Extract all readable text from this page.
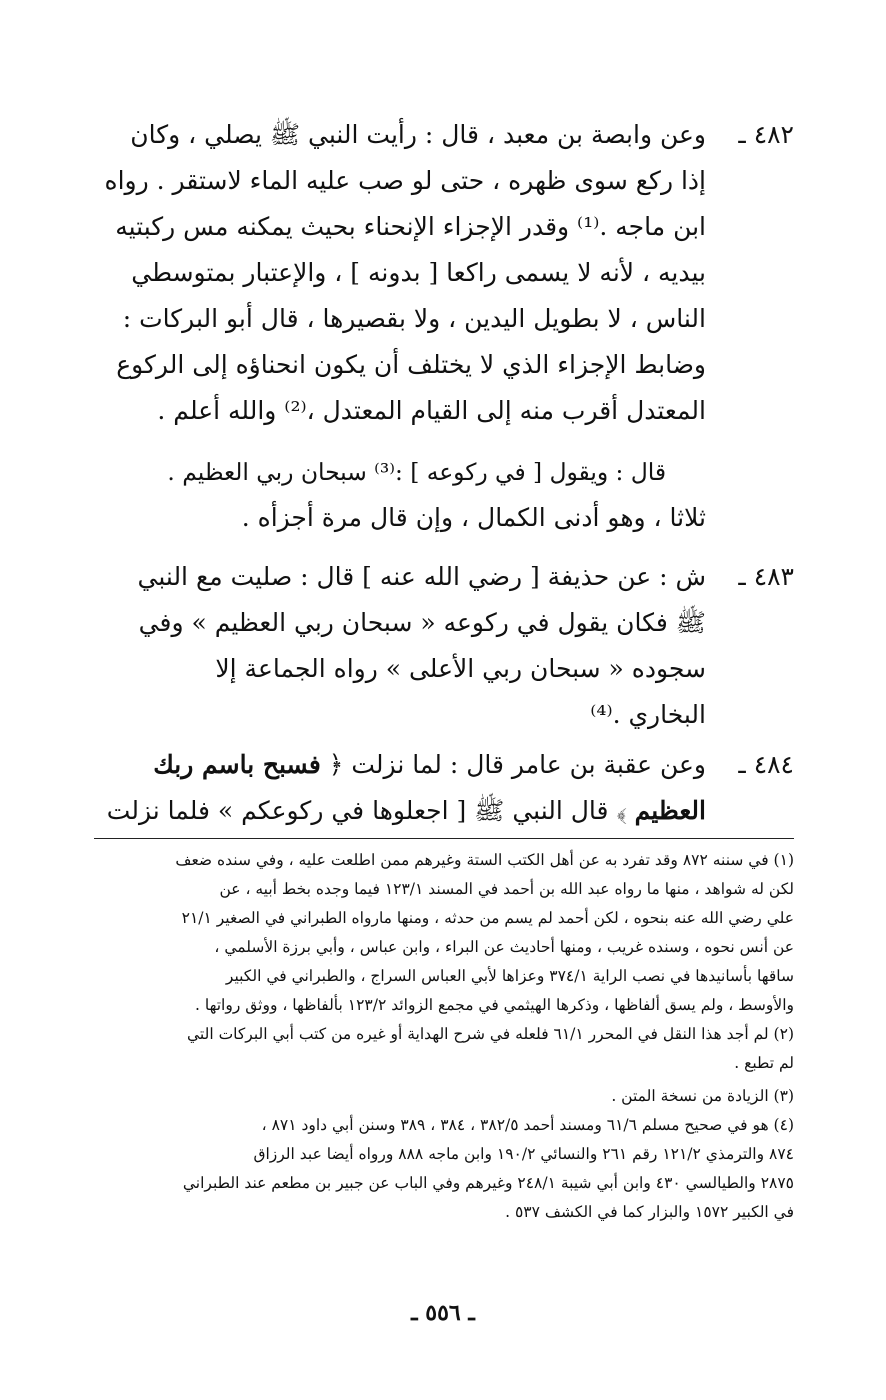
٤٨٢ ـ
وعن وابصة بن معبد ، قال : رأيت النبي ﷺ يصلي ، وكان
إذا ركع سوى ظهره ، حتى لو صب عليه الماء لاستقر . رواه
ابن ماجه .⁽¹⁾ وقدر الإجزاء الإنحناء بحيث يمكنه مس ركبتيه
بيديه ، لأنه لا يسمى راكعا [ بدونه ] ، والإعتبار بمتوسطي
الناس ، لا بطويل اليدين ، ولا بقصيرها ، قال أبو البركات :
وضابط الإجزاء الذي لا يختلف أن يكون انحناؤه إلى الركوع
المعتدل أقرب منه إلى القيام المعتدل ،⁽²⁾ والله أعلم .
قال : ويقول [ في ركوعه ] :⁽³⁾ سبحان ربي العظيم .
ثلاثا ، وهو أدنى الكمال ، وإن قال مرة أجزأه .
٤٨٣ ـ
ش : عن حذيفة [ رضي الله عنه ] قال : صليت مع النبي
ﷺ فكان يقول في ركوعه « سبحان ربي العظيم » وفي
سجوده « سبحان ربي الأعلى » رواه الجماعة إلا
البخاري .⁽⁴⁾
٤٨٤ ـ
وعن عقبة بن عامر قال : لما نزلت ﴿ فسبح باسم ربك
العظيم ﴾ قال النبي ﷺ [ اجعلوها في ركوعكم » فلما نزلت
(١) في سننه ٨٧٢ وقد تفرد به عن أهل الكتب الستة وغيرهم ممن اطلعت عليه ، وفي سنده ضعف
لكن له شواهد ، منها ما رواه عبد الله بن أحمد في المسند ١٢٣/١ فيما وجده بخط أبيه ، عن
علي رضي الله عنه بنحوه ، لكن أحمد لم يسم من حدثه ، ومنها مارواه الطبراني في الصغير ٢١/١
عن أنس نحوه ، وسنده غريب ، ومنها أحاديث عن البراء ، وابن عباس ، وأبي برزة الأسلمي ،
ساقها بأسانيدها في نصب الراية ٣٧٤/١ وعزاها لأبي العباس السراج ، والطبراني في الكبير
والأوسط ، ولم يسق ألفاظها ، وذكرها الهيثمي في مجمع الزوائد ١٢٣/٢ بألفاظها ، ووثق رواتها .
(٢) لم أجد هذا النقل في المحرر ٦١/١ فلعله في شرح الهداية أو غيره من كتب أبي البركات التي
لم تطبع .
(٣) الزيادة من نسخة المتن .
(٤) هو في صحيح مسلم ٦١/٦ ومسند أحمد ٣٨٢/٥ ، ٣٨٤ ، ٣٨٩ وسنن أبي داود ٨٧١ ،
٨٧٤ والترمذي ١٢١/٢ رقم ٢٦١ والنسائي ١٩٠/٢ وابن ماجه ٨٨٨ ورواه أيضا عبد الرزاق
٢٨٧٥ والطيالسي ٤٣٠ وابن أبي شيبة ٢٤٨/١ وغيرهم وفي الباب عن جبير بن مطعم عند الطبراني
في الكبير ١٥٧٢ والبزار كما في الكشف ٥٣٧ .
ـ ٥٥٦ ـ
